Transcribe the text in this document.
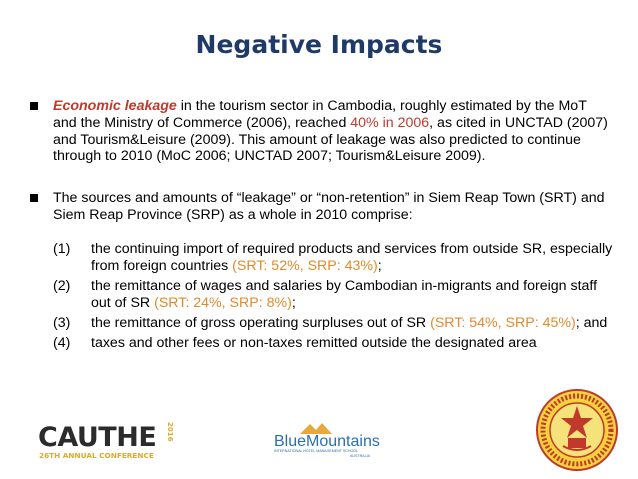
Negative Impacts
Economic leakage in the tourism sector in Cambodia, roughly estimated by the MoT and the Ministry of Commerce (2006), reached 40% in 2006, as cited in UNCTAD (2007) and Tourism&Leisure (2009). This amount of leakage was also predicted to continue through to 2010 (MoC 2006; UNCTAD 2007; Tourism&Leisure 2009).
The sources and amounts of “leakage” or “non-retention” in Siem Reap Town (SRT) and Siem Reap Province (SRP) as a whole in 2010 comprise:
(1) the continuing import of required products and services from outside SR, especially from foreign countries (SRT: 52%, SRP: 43%);
(2) the remittance of wages and salaries by Cambodian in-migrants and foreign staff out of SR (SRT: 24%, SRP: 8%);
(3) the remittance of gross operating surpluses out of SR (SRT: 54%, SRP: 45%); and
(4) taxes and other fees or non-taxes remitted outside the designated area
CAUTHE 2016
26TH ANNUAL CONFERENCE
BlueMountains
INTERNATIONAL HOTEL MANAGEMENT SCHOOL
AUSTRALIA
